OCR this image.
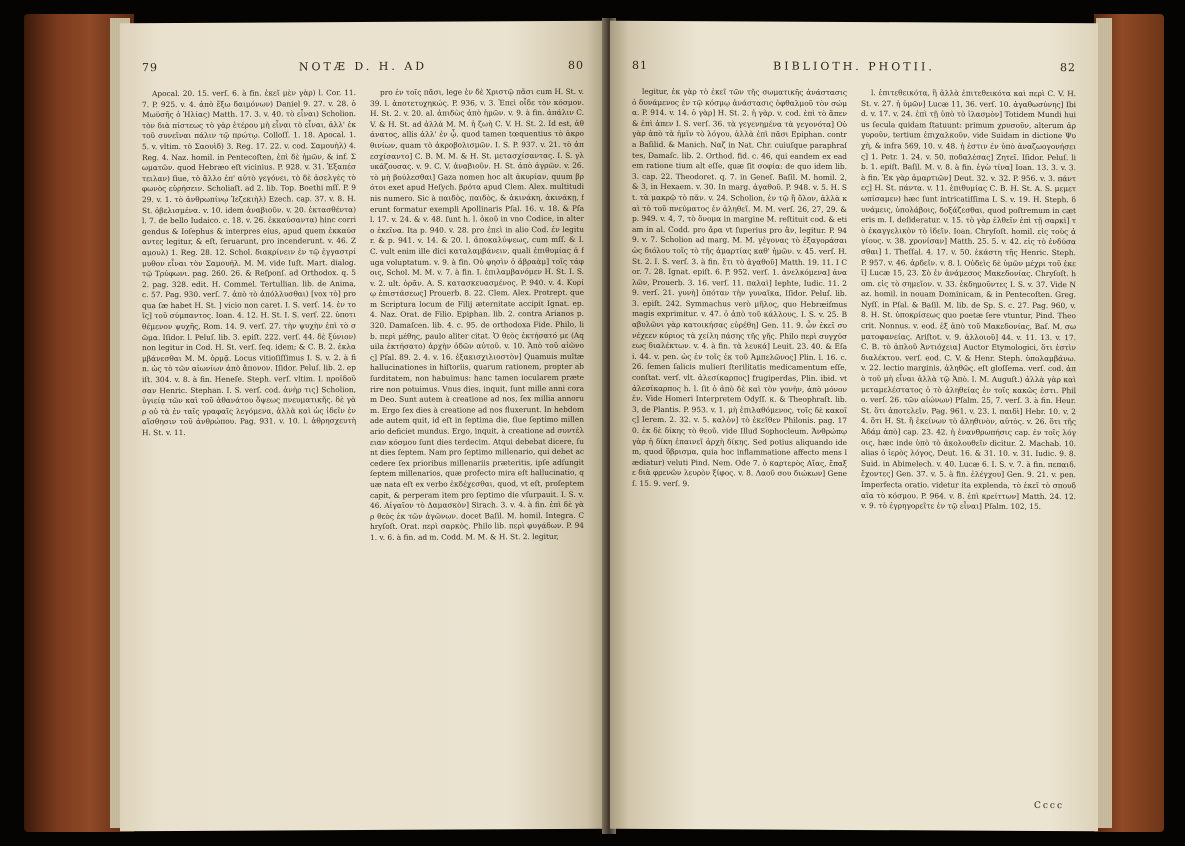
79	NOTÆ D. H. AD	80

Apocal. 20. 15. verſ. 6. à fin. ἐκεῖ μὲν γὰρ) l. Cor. 11. 7. P. 925. v. 4. ἀπὸ ἔξω δαιμόνων) Daniel 9. 27. v. 28. ὁ Μωϋσῆς ὁ Ἠλίας) Matth. 17. 3. v. 40. τὸ εἶναι) Scholion. τὸν διὰ πίστεως τὸ γὰρ ἑτέρου μὴ εἶναι τὸ εἶναι, ἀλλ' ἐκ τοῦ συνεῖναι πάλιν τῷ πρώτῳ. Colloſſ. 1. 18. Apocal. 1. 5. v. vltim. τὸ Σαουὶδ) 3. Reg. 17. 22. v. cod. Σαμουὴλ) 4. Reg. 4. Naz. homil. in Pentecoſten, ἐπὶ δὲ ἡμῶν, & inf. Σωματῶν. quod Hebræo eſt vicinius. P. 928. v. 31. Ἐξαπέστειλαν) ſiue, τὸ ἄλλο ἐπ' αὐτὸ γεγόνει, τὸ δὲ ἀσελγὲς τὸ φωνὸς εὑρήσειν. Scholiaſt. ad 2. lib. Top. Boethi mſſ. P. 929. v. 1. τὸ ἀνθρωπίνῳ Ἰεζεκιὴλ) Ezech. cap. 37. v. 8. H. St. ὀβελισμένα. v. 10. idem ἀναβιοῦν. v. 20. ἐκτασθέντα) l. 7. de bello Iudaico. c. 18. v. 26. ἐκκαύσαντα) hinc corrigendus & Ioſephus & interpres eius, apud quem ἐκκαύσαντες legitur, & eſt, ſeruarunt, pro incenderunt. v. 46. Ζαμουλ) 1. Reg. 28. 12. Schol. διακρίνειν ἐν τῷ ἐγγαστρίμυθον εἶναι τὸν Σαμουήλ. M. M. vide Iuſt. Mart. dialog. τῷ Τρύφωνι. pag. 260. 26. & Reſponſ. ad Orthodox. q. 52. pag. 328. edit. H. Commel. Tertullian. lib. de Anima, c. 57. Pag. 930. verſ. 7. ἀπὸ τὸ ἀπόλλυσθαι) [vox τὸ] pro qua ſæ habet H. St. ] vicio non caret. I. S. verſ. 14. ἐν τοῖς] τοῦ σύμπαντος. Ioan. 4. 12. H. St. I. S. verſ. 22. ὑποτιθέμενον ψυχῆς, Rom. 14. 9. verſ. 27. τὴν ψυχὴν ἐπὶ τὸ σῶμα. Iſidor. l. Peluſ. lib. 3. epiſt. 222. verſ. 44. δὲ ξύνιον) non legitur in Cod. H. St. verſ. ſeq. idem; & C. B. 2. ἐκλαμβάνεσθαι M. M. ὁρμᾷ. Locus vitioſiſſimus I. S. v. 2. à fin. ὡς τὸ τῶν αἰωνίων ἀπὸ ἄπονον. Iſidor. Peluſ. lib. 2. epiſt. 304. v. 8. à fin. Heneſe. Steph. verſ. vltim. I. προϊδοῦσαν Henric. Stephan. I. S. verſ. cod. ἀνὴρ τις] Scholion, ὑγιείᾳ τῶν καὶ τοῦ ἀθανάτου ὄψεως πνευματικῆς. δὲ γὰρ οὐ τὰ ἐν ταῖς γραφαῖς λεγόμενα, ἀλλὰ καὶ ὡς ἰδεῖν ἐν αἴσθησιν τοῦ ἀνθρώπου. Pag. 931. v. 10. l. ἀθρησχευτὴ H. St. v. 11.

pro ἐν τοῖς πᾶσι, lege ἐν δὲ Χριστῷ πᾶσι cum H. St. v. 39. l. ἀποτετυχηκώς. P. 936, v. 3. Ἐπεὶ οἶδε τὸν κόσμον. H. St. 2. v. 20. al. ἀπιδὼς ἀπὸ ἡμῶν. v. 9. à fin. ἀπάλιν C. V. & H. St. ad ἀλλὰ M. M. ἡ ζωὴ C. V. H. St. 2. Id est, ἀθάνατος, allis ἀλλ' ἐν ᾧ. quod tamen tœquentius τὸ ἀκροθινίων, quam τὸ ἀκροβολισμῶν. I. S. P. 937. v. 21. τὸ ἀπεσχίσαντο] C. B. M. M. & H. St. μετασχίσαντας. I. S. γλυκάζουσας. v. 9. C. V. ἀναβιοῦν. H. St. ἀπὸ ἀγρῶν. v. 26. τὸ μὴ βούλεσθαι] Gaza nomen hoc alt ἀκυρίαν, quum βρότοι exet apud Heſych. βρότα apud Clem. Alex. multitudinis numero. Sic à παιδὸς, παιδὸς, & ἀκινάκη, ἀκινάκῃ, ferunt formatur exempli Apollinaris Pſal. 16. v. 18. & Pſal. 17. v. 24. & v. 48. ſunt h. l. ὁκοῦ in vno Codice, in altero ἐκεῖνα. Ita p. 940. v. 28. pro ἐπεὶ in alio Cod. ἐν legitur. & p. 941. v. 14. & 20. l. ἀποκαλύψεως, cum mſſ. & I. C. vult enim ille dici καταλαμβάνειν, quali ἐπιθυμίας ἀ fuga voluptatum. v. 9. à fin. Οὐ φησὶν ὁ ἀβραὰμ] τοῖς τάφοις, Schol. M. M. v. 7. à fin. I. ἐπιλαμβανόμεν H. St. I. S. v. 2. ult. ὁρᾶν. A. S. κατασκευασμένος. P. 940. v. 4. Κυρίῳ ἐπιστάσεως] Prouerb. 8. 22. Clem. Alex. Protrept. quem Scriptura locum de Filij æternitate accipit Ignat. ep. 4. Naz. Orat. de Filio. Epiphan. lib. 2. contra Arianos p. 320. Damaſcen. lib. 4. c. 95. de orthodoxa Fide. Philo, lib. περὶ μέθης, paulo aliter citat. Ὁ θεὸς ἐκτήσατό με (Aquila ἐκτήσατο) ἀρχὴν ὁδῶν αὐτοῦ. v. 10. Ἀπὸ τοῦ αἰῶνος] Pſal. 89. 2. 4. v. 16. ἐξακισχιλιοστὸν] Quamuis multæ hallucinationes in hiſtoriis, quarum rationem, propter abſurditatem, non habuimus: hanc tamen iocularem præterire non potuimus. Vnus dies, inquit, ſunt mille anni coram Deo. Sunt autem à creatione ad nos, ſex millia annorum. Ergo ſex dies à creatione ad nos fluxerunt. In hebdomade autem quit, id eſt in ſeptima die, ſiue ſeptimo millenario deficiet mundus. Ergo, inquit, à creatione ad συντέλειαν κόσμου ſunt dies terdecim. Atqui debebat dicere, ſunt dies ſeptem. Nam pro ſeptimo millenario, qui debet accedere ſex prioribus millenariis præteritis, ipſe adſungit ſeptem millenarios, quæ profecto mira eſt hallucinatio, quæ nata eſt ex verbo ἐκδέχεσθαι, quod, vt eſt, proſeptem capit, & perperam item pro ſeptimo die vſurpauit. I. S. v. 46. Αἰγαῖον τὸ Δαμασκὸν] Sirach. 3. v. 4. à fin. ἐπὶ δὲ γὰρ θεὸς ἐκ τῶν ἀγῶνων. docet Baſil. M. homil. Integra. Chryſoſt. Orat. περὶ σαρκὸς. Philo lib. περὶ φυγάδων. P. 941. v. 6. à fin. ad m. Codd. M. M. & H. St. 2. legitur,

81	BIBLIOTH. PHOTII.	82

legitur, ἐκ γὰρ τὸ ἐκεῖ τῶν τῆς σωματικῆς ἀνάστασις ὁ δυνάμενος ἐν τῷ κόσμῳ ἀνάστασις ὀφθαλμοῦ τὸν σώμα. P. 914. v. 14. ὁ γὰρ] H. St. 2. ἡ γὰρ. v. cod. ἐπὶ τὸ ἄπεν & ἐπὶ ἀπεν I. S. verſ. 36. τὰ γεγενημένα τὰ γεγονότα] Οὐ γὰρ ἀπὸ τὰ ἡμῖν τὸ λόγου, ἀλλὰ ἐπὶ πᾶσι Epiphan. contra Baſilid. & Manich. Ναζ in Nat. Chr. cuiuſque paraphraſtes, Damaſc. lib. 2. Orthod. fid. c. 46, qui eandem ex eadem ratione tium alt eſſe, quæ ſit σοφία: de quo idem lib. 3. cap. 22. Theodoret. q. 7. in Geneſ. Baſil. M. homil. 2, & 3, in Hexaem. v. 30. In marg. ἀγαθοῦ. P. 948. v. 5. H. St. τὰ μακρῷ τὸ πᾶν. v. 24. Scholion, ἐν τῷ ἢ ὅλον, ἀλλὰ καὶ τὸ τοῦ πνεύματος ἐν ἀληθεῖ. M. M. verſ. 26, 27, 29. & p. 949. v. 4, 7, τὸ ὄνομα in margine M. reſtituit cod. & etiam in al. Codd. pro ἄρα vt ſuperius pro ἂν, legitur. P. 949. v. 7. Scholion ad marg. M. M. γέγονας τὸ ἐξαγοράσαι ὡς διόλου τοῖς τὸ τῆς ἁμαρτίας καθ' ἡμῶν. v. 45. verſ. H. St. 2. I. S. verſ. 3. à fin. ἔτι τὸ ἀγαθοῦ] Matth. 19. 11. I Cor. 7. 28. Ignat. epiſt. 6. P. 952. verſ. 1. ἀνελκόμενα] ἀναλῶν, Prouerb. 3. 16. verſ. 11. παλαὶ] Iephte, Iudic. 11. 29. verſ. 21. γυνὴ] ὁπόταν τὴν γυναῖκα, Iſidor. Peluſ. lib. 3. epiſt. 242. Symmachus verò μῆλος, quo Hebræiſmus magis exprimitur. v. 47. ὁ ἀπὸ τοῦ κάλλους. I. S. v. 25. Βαβυλῶνι γὰρ κατοικήσας εὑρέθη] Gen. 11. 9. ὧν ἐκεῖ συνέχεεν κύριος τὰ χείλη πάσης τῆς γῆς. Philo περὶ συγχύσεως διαλέκτων. v. 4. à fin. τὰ λευκά] Leuit. 23. 40. & Eſai. 44. v. pen. ὡς ἐν τοῖς ἐκ τοῦ Ἀμπελῶνος] Plin. l. 16. c. 26. ſemen ſalicis mulieri ſterilitatis medicamentum eſſe, conſtat. verſ. vlt. ἀλεσίκαρπος] frugiperdas, Plin. ibid. vt ἀλεσίκαρπος h. l. ſit ὁ ἀπὸ δὲ καὶ τὸν γονὴν, ἀπὸ μόνον ἐν. Vide Homeri Interpretem Odyſſ. κ. & Theophraſt. lib. 3, de Plantis. P. 953. v. 1. μὴ ἐπιλαθόμενος, τοῖς δὲ κακοῖς] Ierem. 2. 32. v. 5. καλὸν] τὸ ἐκεῖθεν Philonis. pag. 170. ἐκ δὲ δίκης τὸ θεοῦ. vide Illud Sophocleum. Ἀνθρώπῳ γὰρ ἡ δίκη ἐπαινεῖ ἀρχὴ δίκης. Sed potius aliquando idem, quod ὕβρισμα, quia hoc inflammatione affecto mens lædiatur) veluti Pind. Nem. Ode 7. ὁ καρτερὸς Αἴας, ἔπαξε διὰ φρενῶν λευρὸν ξίφος. v. 8. Λαοῦ σου διώκων] Geneſ. 15. 9. verſ. 9.

l. ἐπιτεθεικότα, ἢ ἀλλὰ ἐπιτεθεικότα καὶ περὶ C. V. H. St. v. 27. ἡ ὑμῶν] Lucæ 11, 36. verſ. 10. ἀγαθωσύνης] Ibid. v. 17. v. 24. ἐπὶ τῇ ὑπὸ τὸ ἰλασμὸν] Totidem Mundi huius ſecula quidam ſtatuunt: primum χρυσοῦν, alterum ἀργυροῦν, tertium ἐπιχαλκοῦν. vide Suidam in dictione Ψυχὴ, & infra 569, 10. v. 48. ἡ ἐστιν ἐν ὑπὸ ἀναζωογονήσεις] 1. Petr. 1. 24. v. 50. ποδαλέσας] Ζητεῖ. Iſidor. Peluſ. lib. 1. epiſt. Baſil. M. v. 8. à fin. ἐγὼ τίνα] Ioan. 13. 3. v. 3. à fin. Ἐκ γὰρ ἁμαρτιῶν] Deut. 32. v. 32. P. 956. v. 3. πάντες] H. St. πάντα. v. 11. ἐπιθυμίας C. B. H. St. A. S. μεμετωπίσαμεν) hæc ſunt intricatiſſima I. S. v. 19. H. Steph. δυνάμεις, ὑπολάβοις, δοξάζεσθαι, quod poſtremum in cæteris m. I. deſideratur. v. 15. τὸ γὰρ ἐλθεῖν ἐπὶ τῇ σαρκὶ] τὸ ἐκαγγελικὸν τὸ ἰδεῖν. Ioan. Chryſoſt. homil. εἰς τοὺς ἁγίους. v. 38. χρονίσαν] Matth. 25. 5. v. 42. εἰς τὸ ἐνδύσασθαι] 1. Theſſal. 4. 17. v. 50. ἐκάστη τῆς Henric. Steph. P. 957. v. 46. ἀρδεῖν. v. 8. l. Οὐδεὶς δὲ ὑμῶν μέχρι τοῦ ἐκεῖ] Lucæ 15, 23. Σὸ ἐν ἀνάμεσος Μακεδονίας. Chryſoſt. hom. εἰς τὸ σημεῖον. v. 33. ἐκδημοῦντες I. S. v. 37. Vide Naz. homil. in nouam Dominicam, & in Pentecoſten. Greg. Nyſſ. in Pſal. & Baſil. M. lib. de Sp. S. c. 27. Pag. 960, v. 8. H. St. ὑποκρίσεως quo poetæ ſere vtuntur, Pind. Theocrit. Nonnus. v. eod. ἐξ ἀπὸ τοῦ Μακεδονίας, Baſ. M. σωματοφανείας. Ariſtot. v. 9. ἀλλοιοῦ] 44. v. 11. 13. v. 17. C. B. τὸ ἀπλοῦ Ἀντιόχεια] Auctor Etymologici, ὅτι ἐστὶν διαλέκτου. verſ. eod. C. V. & Henr. Steph. ὑπολαμβάνω. v. 22. lectio marginis, ἀληθῶς. eſt gloſſema. verſ. cod. ἀπὸ τοῦ μὴ εἶναι ἀλλὰ τῷ Ἀπὸ. l. M. Auguſt.) ἀλλὰ γὰρ καὶ μεταμελέστατος ὁ τὸ ἀληθείας ἐν τοῖς κακῶς ἐστι. Philo. verſ. 26. τῶν αἰώνων) Pſalm. 25, 7. verſ. 3. à fin. Heur. St. ὅτι ἀποτελεῖν. Pag. 961. v. 23. l. παιδὶ] Hebr. 10. v. 24. ὅτι H. St. ἢ ἐκείνων τὸ ἀληθινὸν, αὐτὸς. v. 26. ὅτι τῆς Ἀδάμ ἀπὸ] cap. 23. 42. ἡ ἐνανθρωπήσις cap. ἐν τοῖς λόγοις, hæc inde ὑπὸ τὸ ἀκολουθεῖν dicitur. 2. Machab. 10. alias ὁ ἱερὸς λόγος, Deut. 16. & 31. 10. v. 31. Iudic. 9. 8. Suid. in Abimelech. v. 40. Lucæ 6. I. S. v. 7. à fin. πεπαιδ. ἔχοντες] Gen. 37. v. 5. à fin. ἐλέγχου] Gen. 9. 21. v. pen. Imperfecta oratio. videtur ita explenda, τὸ ἐκεῖ τὸ σπουδαῖα τὸ κόσμου. P. 964. v. 8. ἐπὶ κρείττων] Matth. 24. 12. v. 9. τὸ ἐγρηγορεῖτε ἐν τῷ εἶναι] Pſalm. 102, 15.

Cccc
